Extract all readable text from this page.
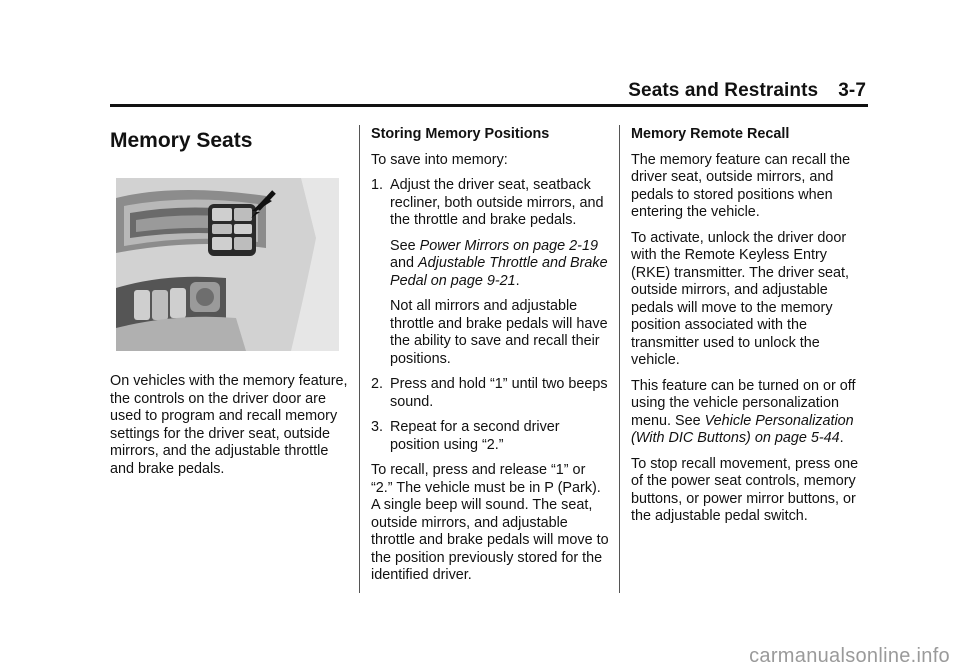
Seats and Restraints 3-7
Memory Seats

On vehicles with the memory feature, the controls on the driver door are used to program and recall memory settings for the driver seat, outside mirrors, and the adjustable throttle and brake pedals.

Storing Memory Positions

To save into memory:

1. Adjust the driver seat, seatback recliner, both outside mirrors, and the throttle and brake pedals.

See Power Mirrors on page 2-19 and Adjustable Throttle and Brake Pedal on page 9-21.

Not all mirrors and adjustable throttle and brake pedals will have the ability to save and recall their positions.

2. Press and hold “1” until two beeps sound.
3. Repeat for a second driver position using “2.”

To recall, press and release “1” or “2.” The vehicle must be in P (Park). A single beep will sound. The seat, outside mirrors, and adjustable throttle and brake pedals will move to the position previously stored for the identified driver.

Memory Remote Recall

The memory feature can recall the driver seat, outside mirrors, and pedals to stored positions when entering the vehicle.

To activate, unlock the driver door with the Remote Keyless Entry (RKE) transmitter. The driver seat, outside mirrors, and adjustable pedals will move to the memory position associated with the transmitter used to unlock the vehicle.

This feature can be turned on or off using the vehicle personalization menu. See Vehicle Personalization (With DIC Buttons) on page 5-44.

To stop recall movement, press one of the power seat controls, memory buttons, or power mirror buttons, or the adjustable pedal switch.

carmanualsonline.info
